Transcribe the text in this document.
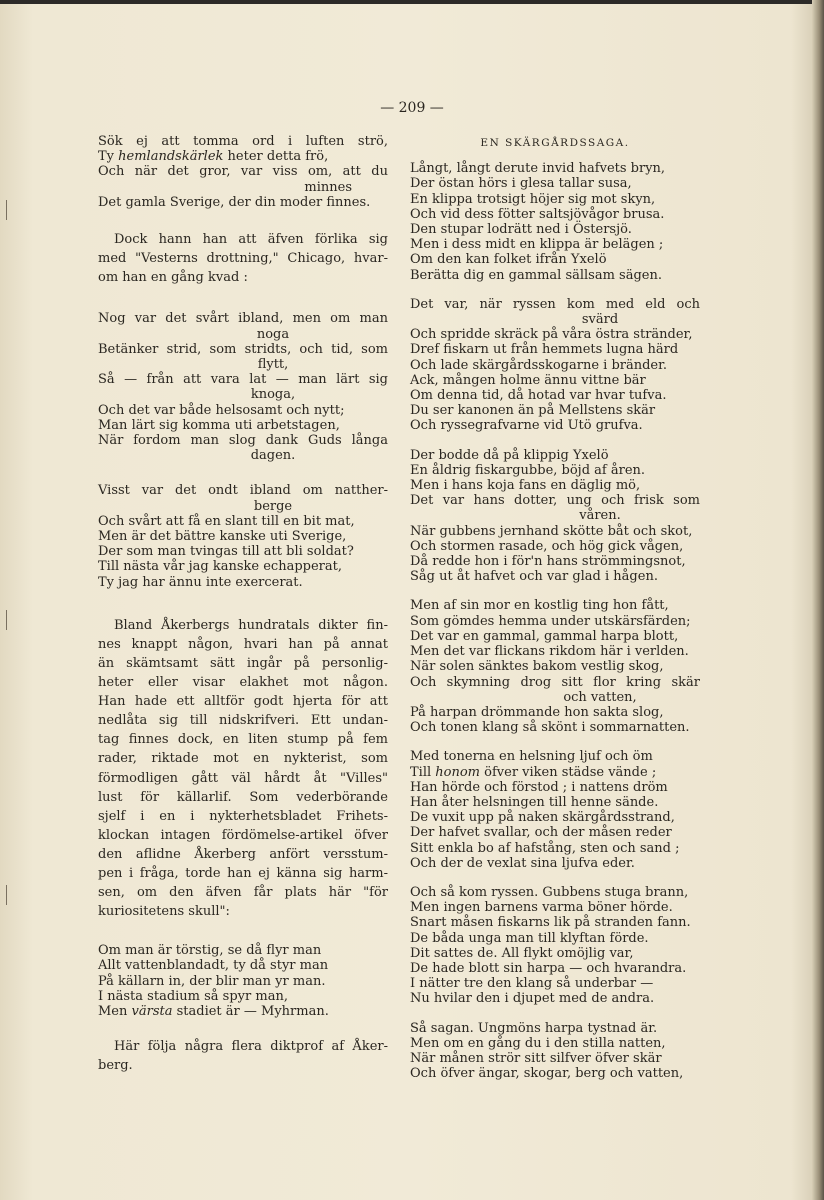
— 209 —
Sök ej att tomma ord i luften strö,
Ty hemlandskärlek heter detta frö,
Och när det gror, var viss om, att du
minnes
Det gamla Sverige, der din moder finnes.
Dock hann han att äfven förlika sig
med "Vesterns drottning," Chicago, hvar-
om han en gång kvad :
Nog var det svårt ibland, men om man
noga
Betänker strid, som stridts, och tid, som
flytt,
Så — från att vara lat — man lärt sig
knoga,
Och det var både helsosamt och nytt;
Man lärt sig komma uti arbetstagen,
När fordom man slog dank Guds långa
dagen.
Visst var det ondt ibland om natther-
berge
Och svårt att få en slant till en bit mat,
Men är det bättre kanske uti Sverige,
Der som man tvingas till att bli soldat?
Till nästa vår jag kanske echapperat,
Ty jag har ännu inte exercerat.
Bland Åkerbergs hundratals dikter fin-
nes knappt någon, hvari han på annat
än skämtsamt sätt ingår på personlig-
heter eller visar elakhet mot någon.
Han hade ett alltför godt hjerta för att
nedlåta sig till nidskrifveri. Ett undan-
tag finnes dock, en liten stump på fem
rader, riktade mot en nykterist, som
förmodligen gått väl hårdt åt "Villes"
lust för källarlif. Som vederbörande
sjelf i en i nykterhetsbladet Frihets-
klockan intagen fördömelse-artikel öfver
den aflidne Åkerberg anfört versstum-
pen i fråga, torde han ej känna sig harm-
sen, om den äfven får plats här "för
kuriositetens skull":
Om man är törstig, se då flyr man
Allt vattenblandadt, ty då styr man
På källarn in, der blir man yr man.
I nästa stadium så spyr man,
Men värsta stadiet är — Myhrman.
Här följa några flera diktprof af Åker-
berg.
EN SKÄRGÅRDSSAGA.
Långt, långt derute invid hafvets bryn,
Der östan hörs i glesa tallar susa,
En klippa trotsigt höjer sig mot skyn,
Och vid dess fötter saltsjövågor brusa.
Den stupar lodrätt ned i Östersjö.
Men i dess midt en klippa är belägen ;
Om den kan folket ifrån Yxelö
Berätta dig en gammal sällsam sägen.
Det var, när ryssen kom med eld och
svärd
Och spridde skräck på våra östra stränder,
Dref fiskarn ut från hemmets lugna härd
Och lade skärgårdsskogarne i bränder.
Ack, mången holme ännu vittne bär
Om denna tid, då hotad var hvar tufva.
Du ser kanonen än på Mellstens skär
Och ryssegrafvarne vid Utö grufva.
Der bodde då på klippig Yxelö
En åldrig fiskargubbe, böjd af åren.
Men i hans koja fans en däglig mö,
Det var hans dotter, ung och frisk som
våren.
När gubbens jernhand skötte båt och skot,
Och stormen rasade, och hög gick vågen,
Då redde hon i för'n hans strömmingsnot,
Såg ut åt hafvet och var glad i hågen.
Men af sin mor en kostlig ting hon fått,
Som gömdes hemma under utskärsfärden;
Det var en gammal, gammal harpa blott,
Men det var flickans rikdom här i verlden.
När solen sänktes bakom vestlig skog,
Och skymning drog sitt flor kring skär
och vatten,
På harpan drömmande hon sakta slog,
Och tonen klang så skönt i sommarnatten.
Med tonerna en helsning ljuf och öm
Till honom öfver viken städse vände ;
Han hörde och förstod ; i nattens dröm
Han åter helsningen till henne sände.
De vuxit upp på naken skärgårdsstrand,
Der hafvet svallar, och der måsen reder
Sitt enkla bo af hafstång, sten och sand ;
Och der de vexlat sina ljufva eder.
Och så kom ryssen. Gubbens stuga brann,
Men ingen barnens varma böner hörde.
Snart måsen fiskarns lik på stranden fann.
De båda unga man till klyftan förde.
Dit sattes de. All flykt omöjlig var,
De hade blott sin harpa — och hvarandra.
I nätter tre den klang så underbar —
Nu hvilar den i djupet med de andra.
Så sagan. Ungmöns harpa tystnad är.
Men om en gång du i den stilla natten,
När månen strör sitt silfver öfver skär
Och öfver ängar, skogar, berg och vatten,
